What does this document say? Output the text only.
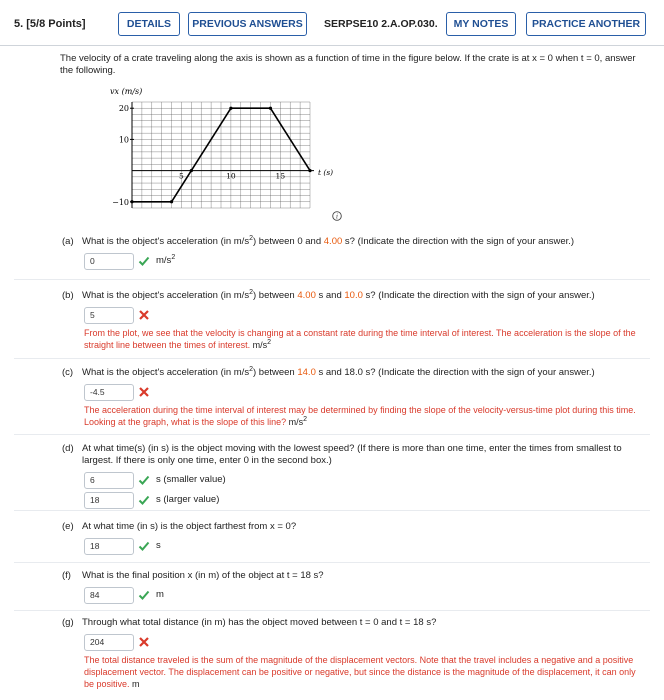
5. [5/8 Points]	DETAILS	PREVIOUS ANSWERS	SERPSE10 2.A.OP.030.	MY NOTES	PRACTICE ANOTHER
The velocity of a crate traveling along the axis is shown as a function of time in the figure below. If the crate is at x = 0 when t = 0, answer the following.
20
10
−10
5	10	15
vx (m/s)
t (s)
i
(a) What is the object's acceleration (in $m/s^2$) between 0 and 4.00 s? (Indicate the direction with the sign of your answer.)
0	$m/s^2$
(b) What is the object's acceleration (in $m/s^2$) between 4.00 s and 10.0 s? (Indicate the direction with the sign of your answer.)
5
From the plot, we see that the velocity is changing at a constant rate during the time interval of interest. The acceleration is the slope of the straight line between the times of interest. $m/s^2$
(c) What is the object's acceleration (in $m/s^2$) between 14.0 s and 18.0 s? (Indicate the direction with the sign of your answer.)
-4.5
The acceleration during the time interval of interest may be determined by finding the slope of the velocity-versus-time plot during this time. Looking at the graph, what is the slope of this line? $m/s^2$
(d) At what time(s) (in s) is the object moving with the lowest speed? (If there is more than one time, enter the times from smallest to largest. If there is only one time, enter 0 in the second box.)
6	s (smaller value)
18	s (larger value)
(e) At what time (in s) is the object farthest from x = 0?
18	s
(f) What is the final position x (in m) of the object at t = 18 s?
84	m
(g) Through what total distance (in m) has the object moved between t = 0 and t = 18 s?
204
The total distance traveled is the sum of the magnitude of the displacement vectors. Note that the travel includes a negative and a positive displacement vector. The displacement can be positive or negative, but since the distance is the magnitude of the displacement, it can only be positive. m
